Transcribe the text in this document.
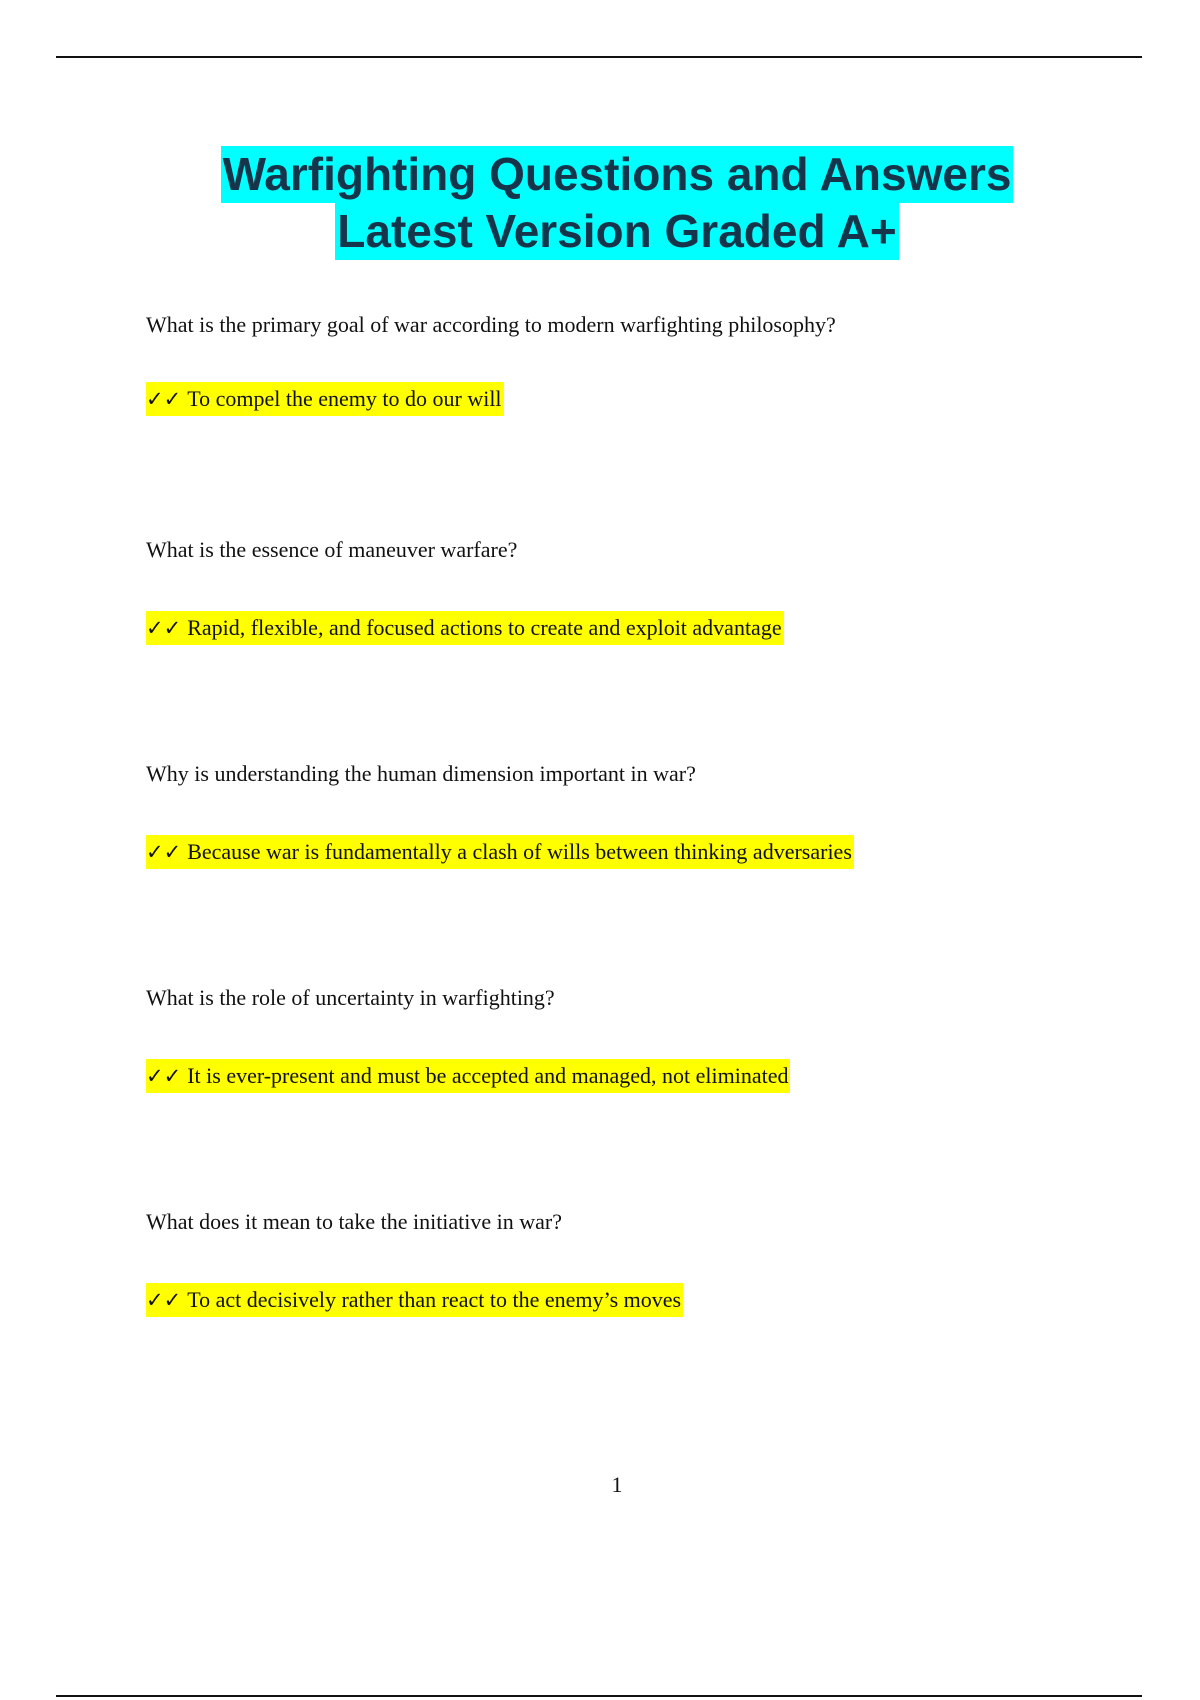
Warfighting Questions and Answers
Latest Version Graded A+
What is the primary goal of war according to modern warfighting philosophy?
✓✓ To compel the enemy to do our will
What is the essence of maneuver warfare?
✓✓ Rapid, flexible, and focused actions to create and exploit advantage
Why is understanding the human dimension important in war?
✓✓ Because war is fundamentally a clash of wills between thinking adversaries
What is the role of uncertainty in warfighting?
✓✓ It is ever-present and must be accepted and managed, not eliminated
What does it mean to take the initiative in war?
✓✓ To act decisively rather than react to the enemy’s moves
1
